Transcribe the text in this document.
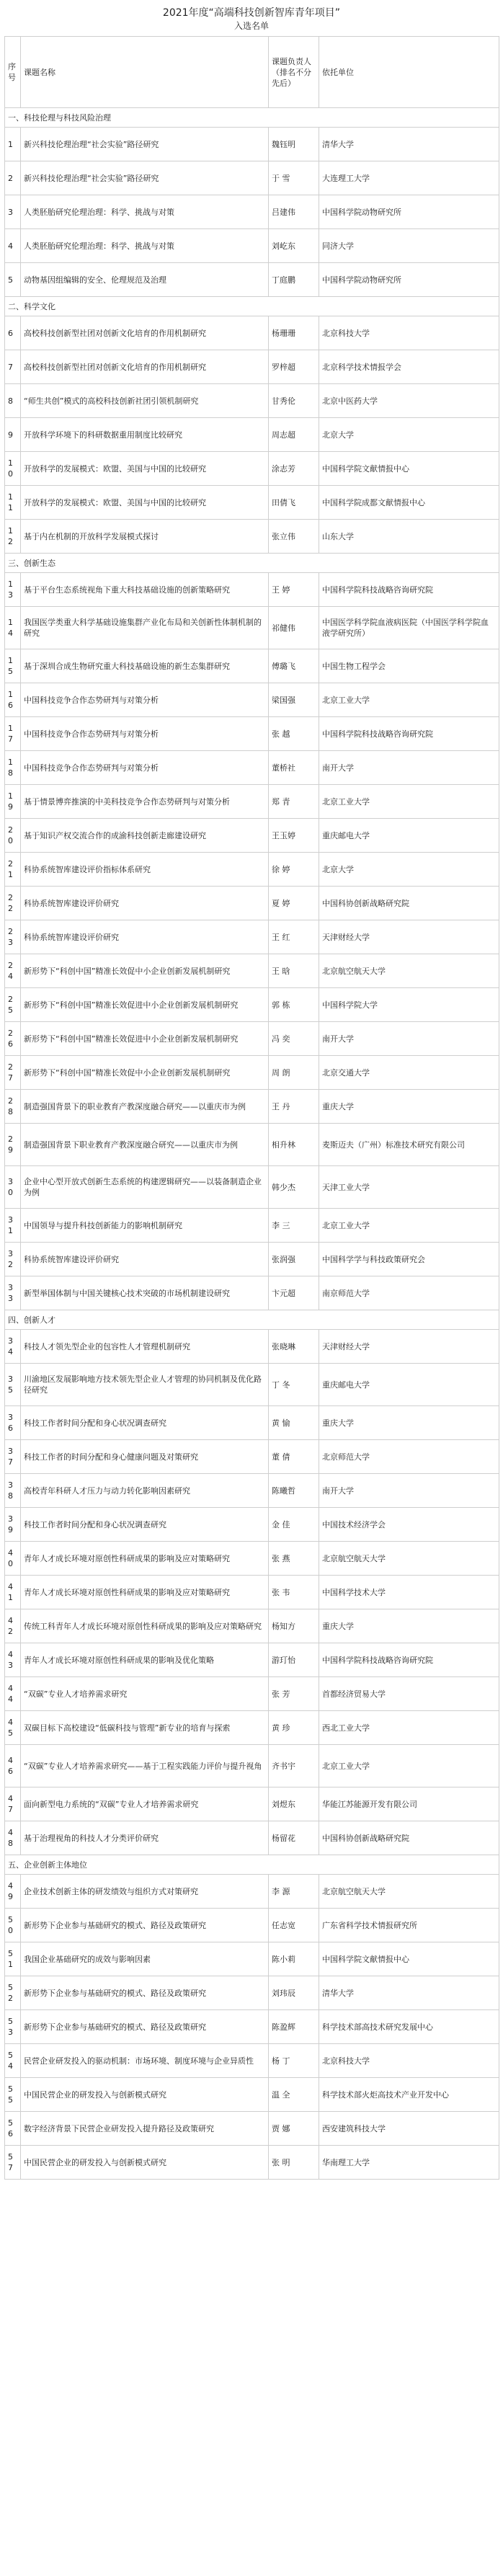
2021年度“高端科技创新智库青年项目”
入选名单
序号	课题名称	课题负责人（排名不分先后）	依托单位
一、科技伦理与科技风险治理			
1	新兴科技伦理治理“社会实验”路径研究	魏钰明	清华大学
2	新兴科技伦理治理“社会实验”路径研究	于 雪	大连理工大学
3	人类胚胎研究伦理治理：科学、挑战与对策	吕建伟	中国科学院动物研究所
4	人类胚胎研究伦理治理：科学、挑战与对策	刘屹东	同济大学
5	动物基因组编辑的安全、伦理规范及治理	丁庭鹏	中国科学院动物研究所
二、科学文化			
6	高校科技创新型社团对创新文化培育的作用机制研究	杨珊珊	北京科技大学
7	高校科技创新型社团对创新文化培育的作用机制研究	罗梓超	北京科学技术情报学会
8	“师生共创”模式的高校科技创新社团引领机制研究	甘秀伦	北京中医药大学
9	开放科学环境下的科研数据重用制度比较研究	周志超	北京大学
10	开放科学的发展模式：欧盟、美国与中国的比较研究	涂志芳	中国科学院文献情报中心
11	开放科学的发展模式：欧盟、美国与中国的比较研究	田倩飞	中国科学院成都文献情报中心
12	基于内在机制的开放科学发展模式探讨	张立伟	山东大学
三、创新生态			
13	基于平台生态系统视角下重大科技基础设施的创新策略研究	王 婷	中国科学院科技战略咨询研究院
14	我国医学类重大科学基础设施集群产业化布局和关创新性体制机制的研究	祁健伟	中国医学科学院血液病医院（中国医学科学院血液学研究所）
15	基于深圳合成生物研究重大科技基础设施的新生态集群研究	傅璐飞	中国生物工程学会
16	中国科技竞争合作态势研判与对策分析	梁国强	北京工业大学
17	中国科技竞争合作态势研判与对策分析	张 越	中国科学院科技战略咨询研究院
18	中国科技竞争合作态势研判与对策分析	董桥社	南开大学
19	基于情景博弈推演的中美科技竞争合作态势研判与对策分析	郑 青	北京工业大学
20	基于知识产权交流合作的成渝科技创新走廊建设研究	王玉婷	重庆邮电大学
21	科协系统智库建设评价指标体系研究	徐 婷	北京大学
22	科协系统智库建设评价研究	夏 婷	中国科协创新战略研究院
23	科协系统智库建设评价研究	王 红	天津财经大学
24	新形势下“科创中国”精准长效促中小企业创新发展机制研究	王 晗	北京航空航天大学
25	新形势下“科创中国”精准长效促进中小企业创新发展机制研究	郭 栋	中国科学院大学
26	新形势下“科创中国”精准长效促进中小企业创新发展机制研究	冯 奕	南开大学
27	新形势下“科创中国”精准长效促中小企业创新发展机制研究	周 朗	北京交通大学
28	制造强国背景下的职业教育产教深度融合研究——以重庆市为例	王 丹	重庆大学
29	制造强国背景下职业教育产教深度融合研究——以重庆市为例	相升林	麦斯迈夫（广州）标准技术研究有限公司
30	企业中心型开放式创新生态系统的构建逻辑研究——以装备制造企业为例	韩少杰	天津工业大学
31	中国领导与提升科技创新能力的影响机制研究	李 三	北京工业大学
32	科协系统智库建设评价研究	张润强	中国科学学与科技政策研究会
33	新型举国体制与中国关键核心技术突破的市场机制建设研究	卞元超	南京师范大学
四、创新人才			
34	科技人才领先型企业的包容性人才管理机制研究	张晓琳	天津财经大学
35	川渝地区发展影响地方技术领先型企业人才管理的协同机制及优化路径研究	丁 冬	重庆邮电大学
36	科技工作者时间分配和身心状况调查研究	黄 愉	重庆大学
37	科技工作者的时间分配和身心健康问题及对策研究	董 倩	北京师范大学
38	高校青年科研人才压力与动力转化影响因素研究	陈曦哲	南开大学
39	科技工作者时间分配和身心状况调查研究	金 佳	中国技术经济学会
40	青年人才成长环境对原创性科研成果的影响及应对策略研究	张 燕	北京航空航天大学
41	青年人才成长环境对原创性科研成果的影响及应对策略研究	张 韦	中国科学技术大学
42	传统工科青年人才成长环境对原创性科研成果的影响及应对策略研究	杨知方	重庆大学
43	青年人才成长环境对原创性科研成果的影响及优化策略	游玎怡	中国科学院科技战略咨询研究院
44	“双碳”专业人才培养需求研究	张 芳	首都经济贸易大学
45	双碳目标下高校建设“低碳科技与管理”新专业的培育与探索	黄 珍	西北工业大学
46	“双碳”专业人才培养需求研究——基于工程实践能力评价与提升视角	齐书宇	北京工业大学
47	面向新型电力系统的“双碳”专业人才培养需求研究	刘煜东	华能江苏能源开发有限公司
48	基于治理视角的科技人才分类评价研究	杨留花	中国科协创新战略研究院
五、企业创新主体地位			
49	企业技术创新主体的研发绩效与组织方式对策研究	李 源	北京航空航天大学
50	新形势下企业参与基础研究的模式、路径及政策研究	任志宽	广东省科学技术情报研究所
51	我国企业基础研究的成效与影响因素	陈小莉	中国科学院文献情报中心
52	新形势下企业参与基础研究的模式、路径及政策研究	刘玮辰	清华大学
53	新形势下企业参与基础研究的模式、路径及政策研究	陈盈辉	科学技术部高技术研究发展中心
54	民营企业研发投入的驱动机制：市场环境、制度环境与企业异质性	杨 丁	北京科技大学
55	中国民营企业的研发投入与创新模式研究	温 全	科学技术部火炬高技术产业开发中心
56	数字经济背景下民营企业研发投入提升路径及政策研究	贾 娜	西安建筑科技大学
57	中国民营企业的研发投入与创新模式研究	张 明	华南理工大学
